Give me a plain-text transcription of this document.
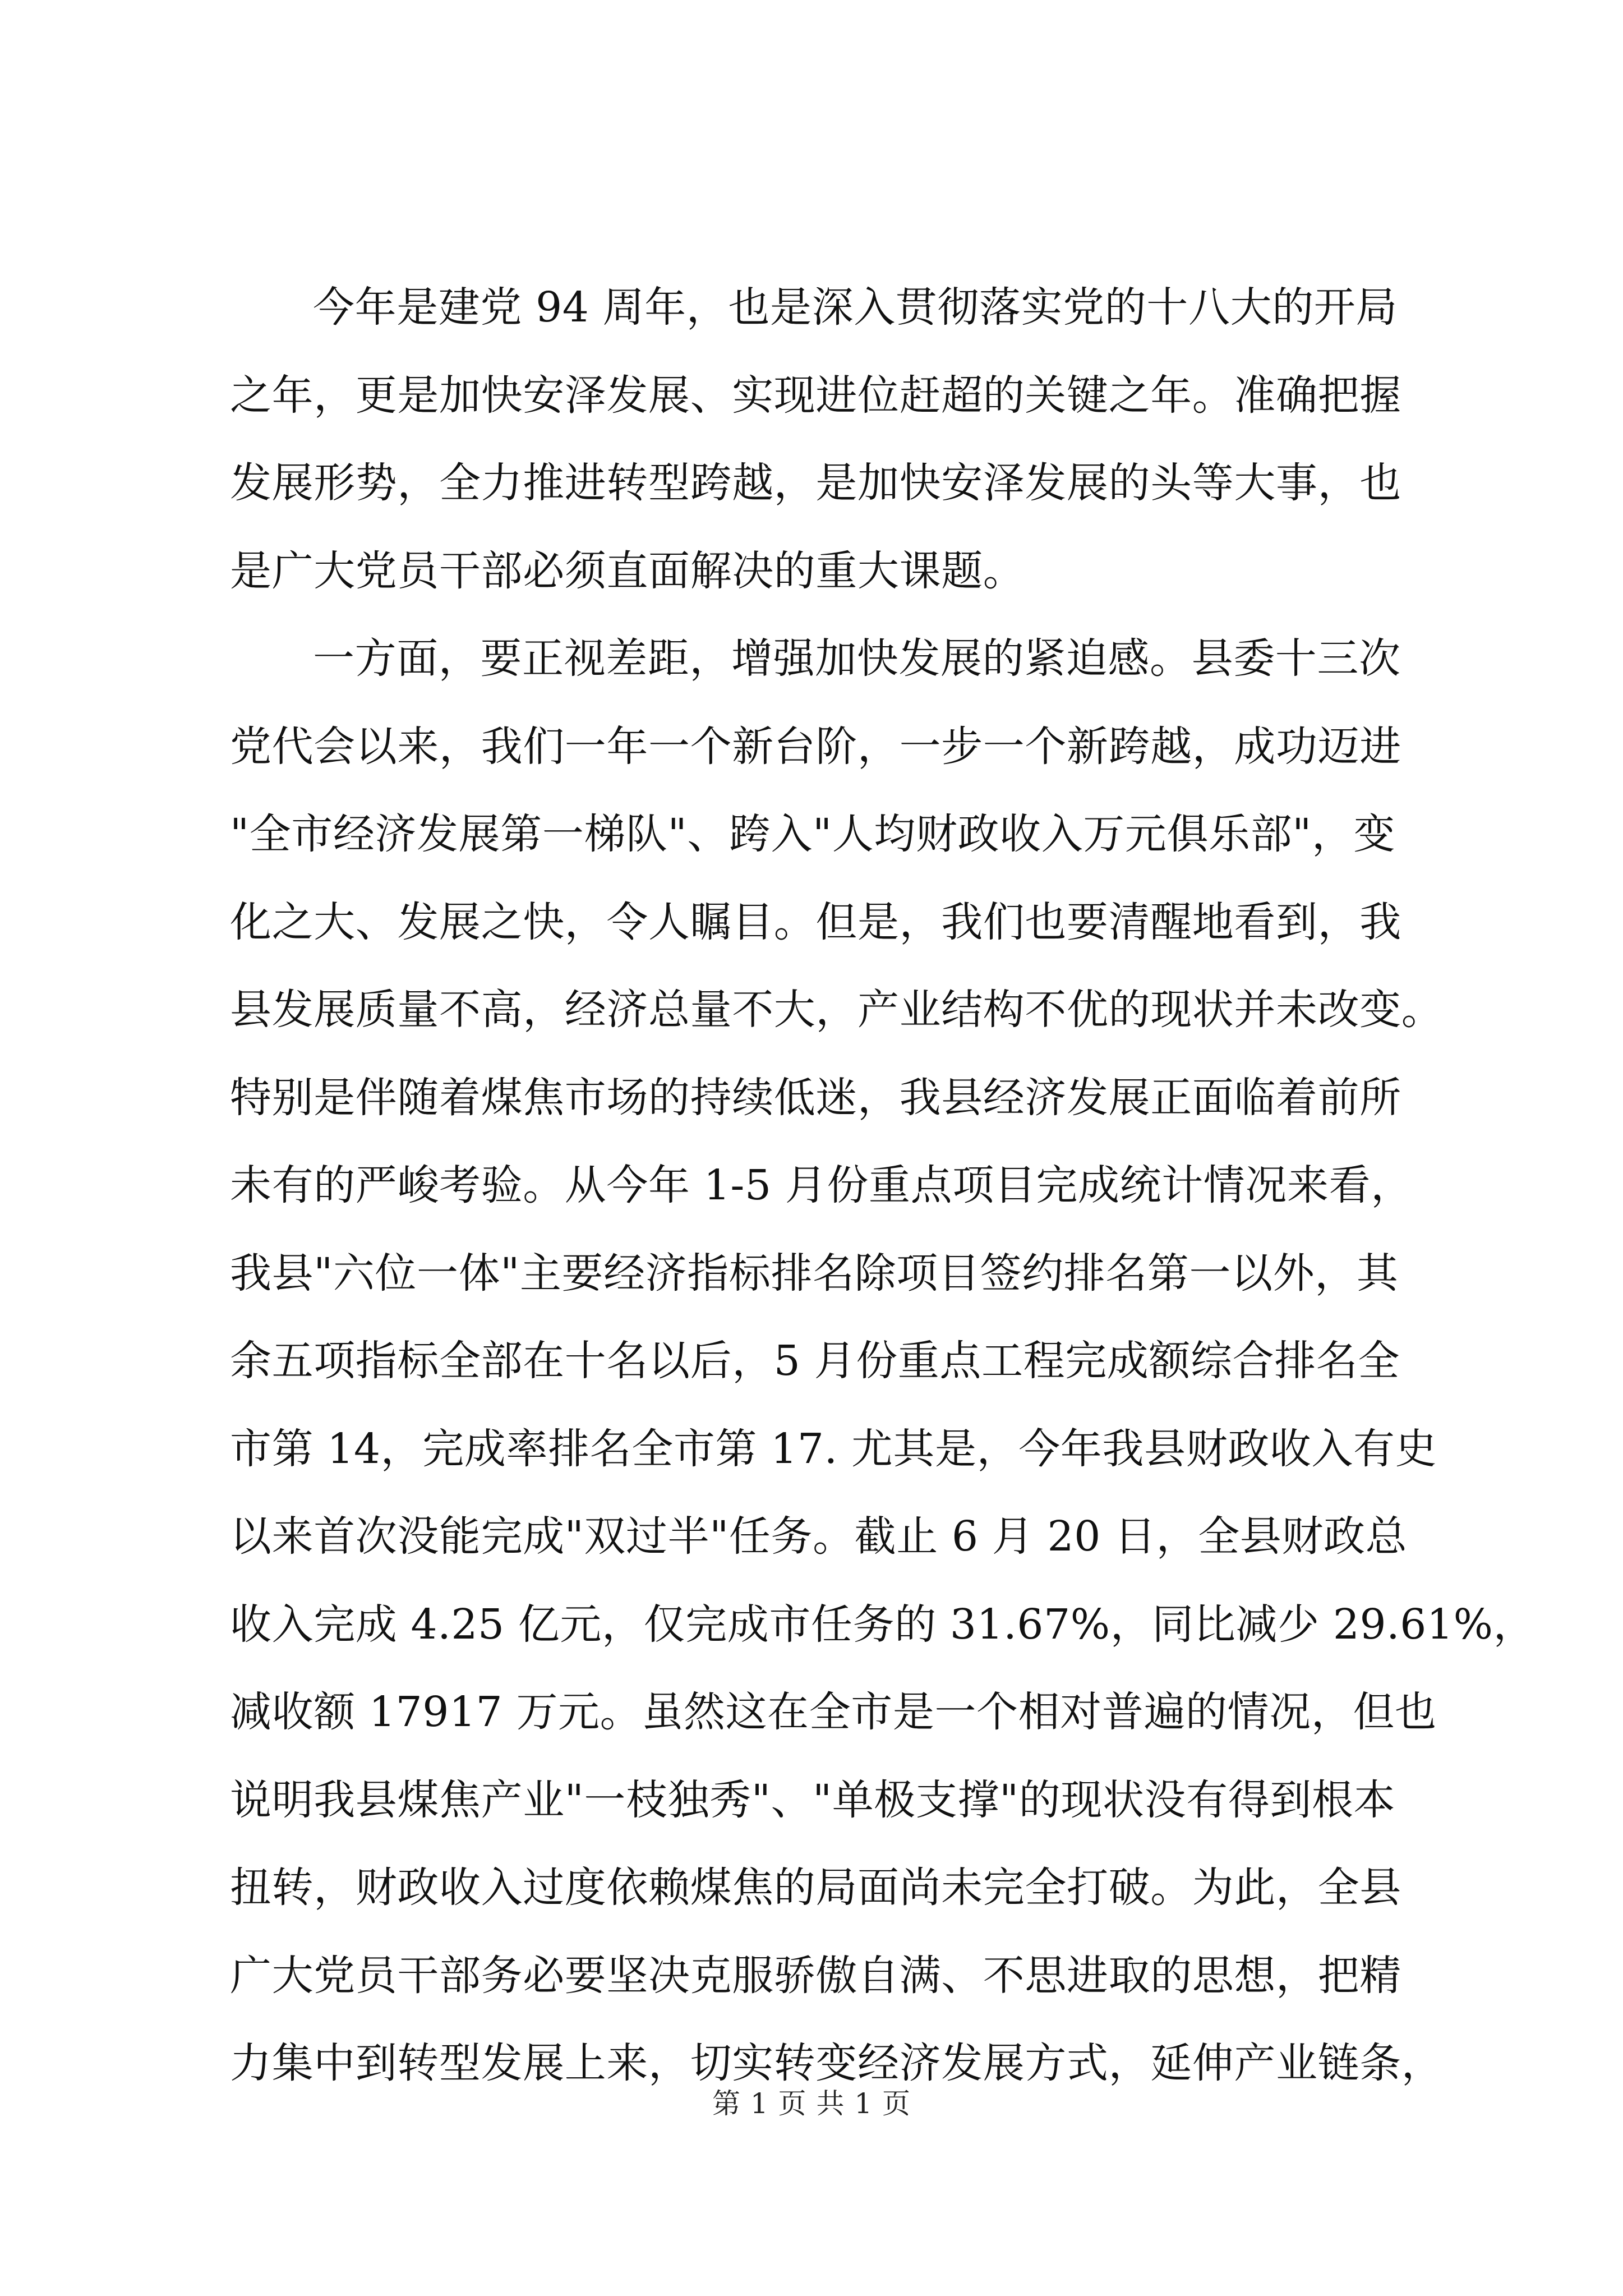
今年是建党 94 周年，也是深入贯彻落实党的十八大的开局
之年，更是加快安泽发展、实现进位赶超的关键之年。准确把握
发展形势，全力推进转型跨越，是加快安泽发展的头等大事，也
是广大党员干部必须直面解决的重大课题。
一方面，要正视差距，增强加快发展的紧迫感。县委十三次
党代会以来，我们一年一个新台阶，一步一个新跨越，成功迈进
"全市经济发展第一梯队"、跨入"人均财政收入万元俱乐部"，变
化之大、发展之快，令人瞩目。但是，我们也要清醒地看到，我
县发展质量不高，经济总量不大，产业结构不优的现状并未改变。
特别是伴随着煤焦市场的持续低迷，我县经济发展正面临着前所
未有的严峻考验。从今年 1-5 月份重点项目完成统计情况来看，
我县"六位一体"主要经济指标排名除项目签约排名第一以外，其
余五项指标全部在十名以后，5 月份重点工程完成额综合排名全
市第 14，完成率排名全市第 17. 尤其是，今年我县财政收入有史
以来首次没能完成"双过半"任务。截止 6 月 20 日，全县财政总
收入完成 4.25 亿元，仅完成市任务的 31.67%，同比减少 29.61%，
减收额 17917 万元。虽然这在全市是一个相对普遍的情况，但也
说明我县煤焦产业"一枝独秀"、"单极支撑"的现状没有得到根本
扭转，财政收入过度依赖煤焦的局面尚未完全打破。为此，全县
广大党员干部务必要坚决克服骄傲自满、不思进取的思想，把精
力集中到转型发展上来，切实转变经济发展方式，延伸产业链条，
第 1 页 共 1 页
